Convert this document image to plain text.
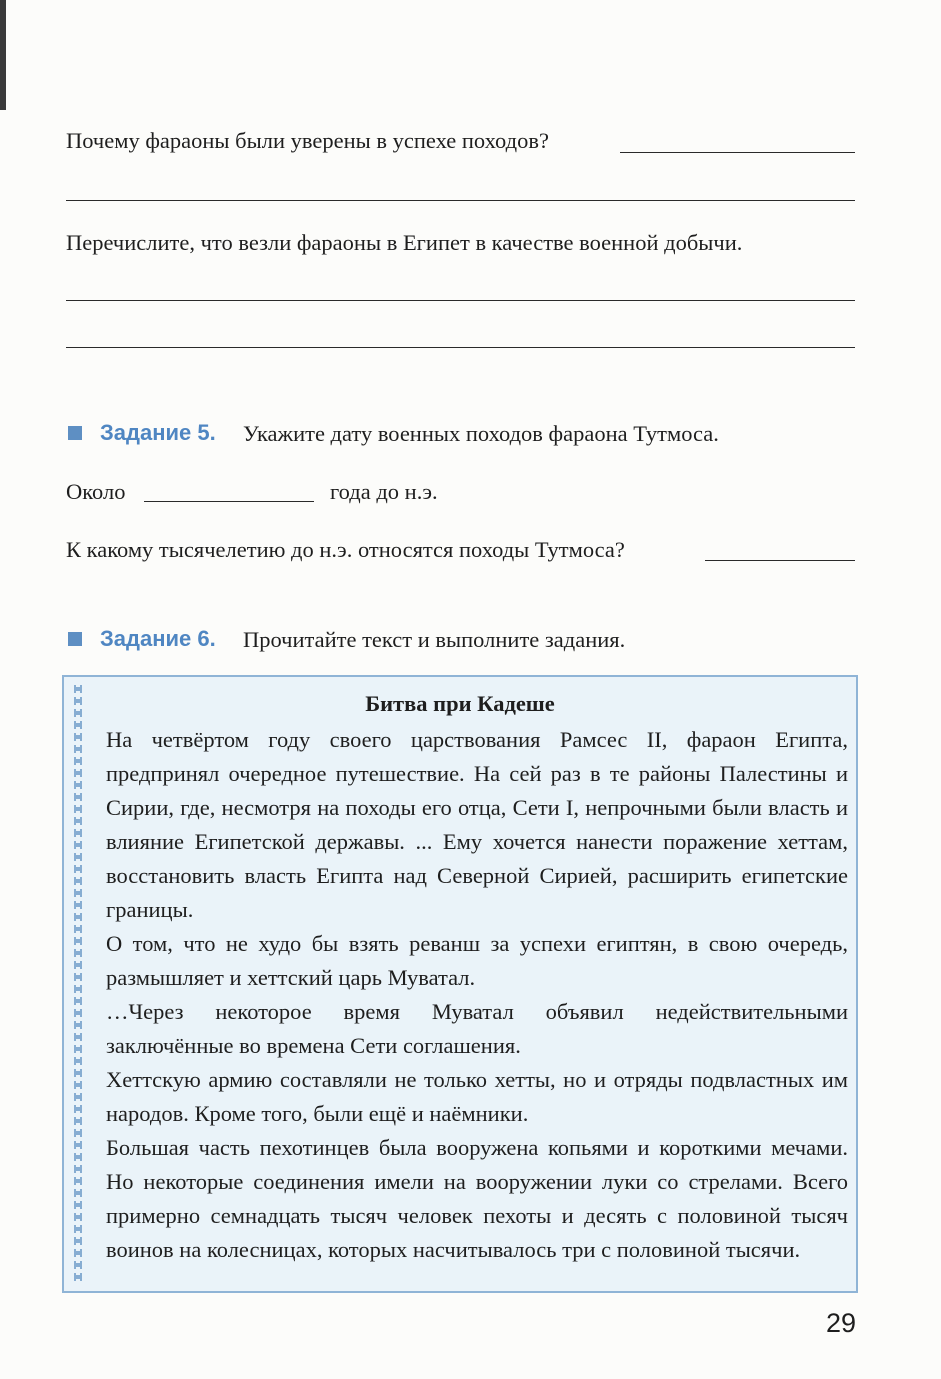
Почему фараоны были уверены в успехе походов?
Перечислите, что везли фараоны в Египет в качестве военной добычи.
Задание 5. Укажите дату военных походов фараона Тутмоса.
Около	года до н.э.
К какому тысячелетию до н.э. относятся походы Тутмоса?
Задание 6. Прочитайте текст и выполните задания.
Битва при Кадеше

На четвёртом году своего царствования Рамсес II, фараон Египта, предпринял очередное путешествие. На сей раз в те районы Палестины и Сирии, где, несмотря на походы его отца, Сети I, непрочными были власть и влияние Египетской державы. ... Ему хочется нанести поражение хеттам, восстановить власть Египта над Северной Сирией, расширить египетские границы.

О том, что не худо бы взять реванш за успехи египтян, в свою очередь, размышляет и хеттский царь Муватал.

…Через некоторое время Муватал объявил недействительными заключённые во времена Сети соглашения.

Хеттскую армию составляли не только хетты, но и отряды подвластных им народов. Кроме того, были ещё и наёмники.

Большая часть пехотинцев была вооружена копьями и короткими мечами. Но некоторые соединения имели на вооружении луки со стрелами. Всего примерно семнадцать тысяч человек пехоты и десять с половиной тысяч воинов на колесницах, которых насчитывалось три с половиной тысячи.

29
